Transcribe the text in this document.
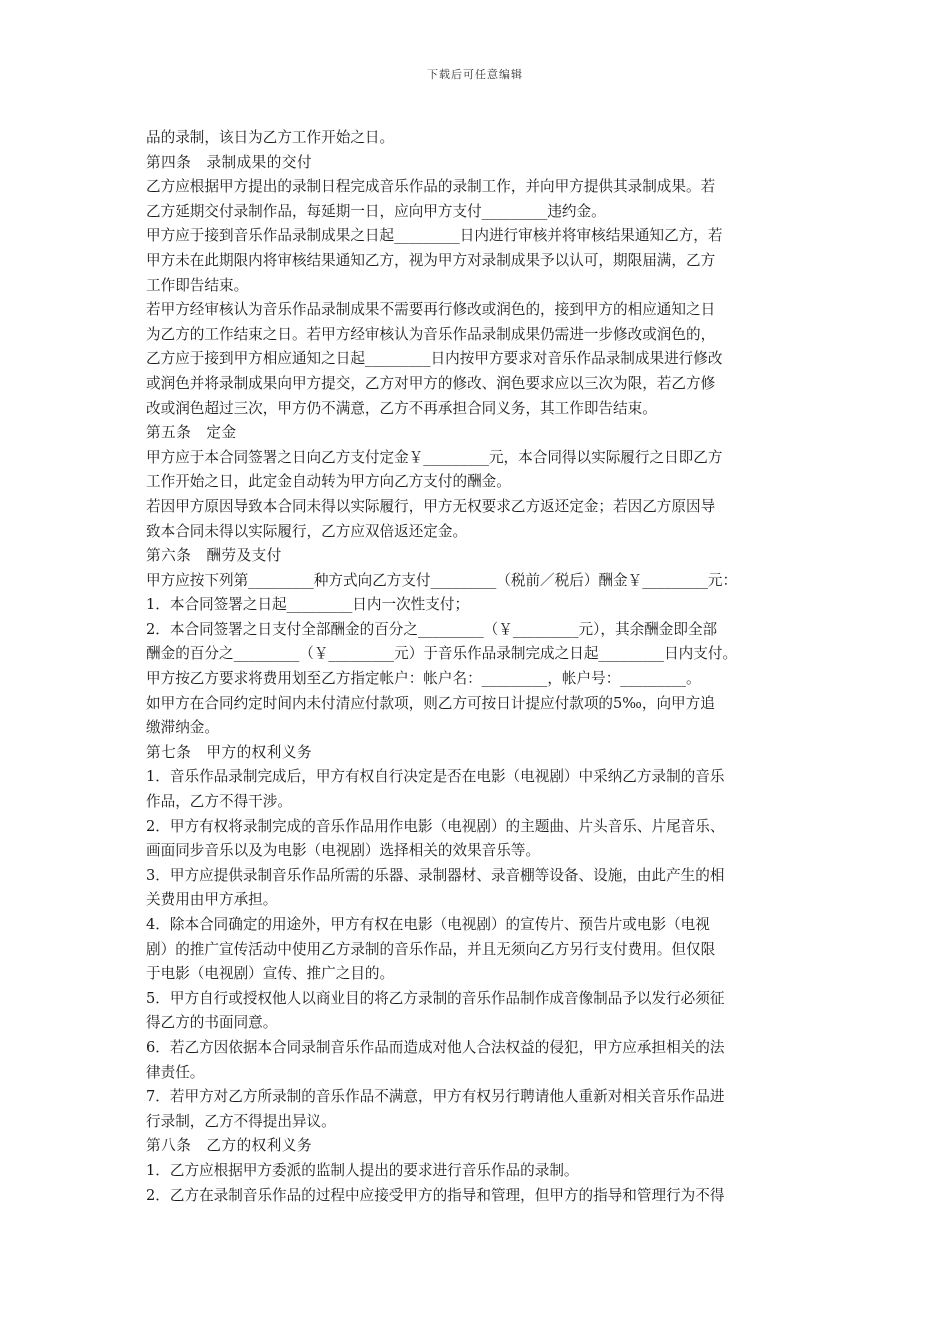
下载后可任意编辑
品的录制，该日为乙方工作开始之日。
第四条　录制成果的交付
乙方应根据甲方提出的录制日程完成音乐作品的录制工作，并向甲方提供其录制成果。若
乙方延期交付录制作品，每延期一日，应向甲方支付_________违约金。
甲方应于接到音乐作品录制成果之日起_________日内进行审核并将审核结果通知乙方，若
甲方未在此期限内将审核结果通知乙方，视为甲方对录制成果予以认可，期限届满，乙方
工作即告结束。
若甲方经审核认为音乐作品录制成果不需要再行修改或润色的，接到甲方的相应通知之日
为乙方的工作结束之日。若甲方经审核认为音乐作品录制成果仍需进一步修改或润色的，
乙方应于接到甲方相应通知之日起_________日内按甲方要求对音乐作品录制成果进行修改
或润色并将录制成果向甲方提交，乙方对甲方的修改、润色要求应以三次为限，若乙方修
改或润色超过三次，甲方仍不满意，乙方不再承担合同义务，其工作即告结束。
第五条　定金
甲方应于本合同签署之日向乙方支付定金￥_________元，本合同得以实际履行之日即乙方
工作开始之日，此定金自动转为甲方向乙方支付的酬金。
若因甲方原因导致本合同未得以实际履行，甲方无权要求乙方返还定金；若因乙方原因导
致本合同未得以实际履行，乙方应双倍返还定金。
第六条　酬劳及支付
甲方应按下列第_________种方式向乙方支付_________（税前／税后）酬金￥_________元：
1．本合同签署之日起_________日内一次性支付；
2．本合同签署之日支付全部酬金的百分之_________（￥_________元），其余酬金即全部
酬金的百分之_________（￥_________元）于音乐作品录制完成之日起_________日内支付。
甲方按乙方要求将费用划至乙方指定帐户：帐户名：_________，帐户号：_________。
如甲方在合同约定时间内未付清应付款项，则乙方可按日计提应付款项的5‰，向甲方追
缴滞纳金。
第七条　甲方的权利义务
1．音乐作品录制完成后，甲方有权自行决定是否在电影（电视剧）中采纳乙方录制的音乐
作品，乙方不得干涉。
2．甲方有权将录制完成的音乐作品用作电影（电视剧）的主题曲、片头音乐、片尾音乐、
画面同步音乐以及为电影（电视剧）选择相关的效果音乐等。
3．甲方应提供录制音乐作品所需的乐器、录制器材、录音棚等设备、设施，由此产生的相
关费用由甲方承担。
4．除本合同确定的用途外，甲方有权在电影（电视剧）的宣传片、预告片或电影（电视
剧）的推广宣传活动中使用乙方录制的音乐作品，并且无须向乙方另行支付费用。但仅限
于电影（电视剧）宣传、推广之目的。
5．甲方自行或授权他人以商业目的将乙方录制的音乐作品制作成音像制品予以发行必须征
得乙方的书面同意。
6．若乙方因依据本合同录制音乐作品而造成对他人合法权益的侵犯，甲方应承担相关的法
律责任。
7．若甲方对乙方所录制的音乐作品不满意，甲方有权另行聘请他人重新对相关音乐作品进
行录制，乙方不得提出异议。
第八条　乙方的权利义务
1．乙方应根据甲方委派的监制人提出的要求进行音乐作品的录制。
2．乙方在录制音乐作品的过程中应接受甲方的指导和管理，但甲方的指导和管理行为不得
